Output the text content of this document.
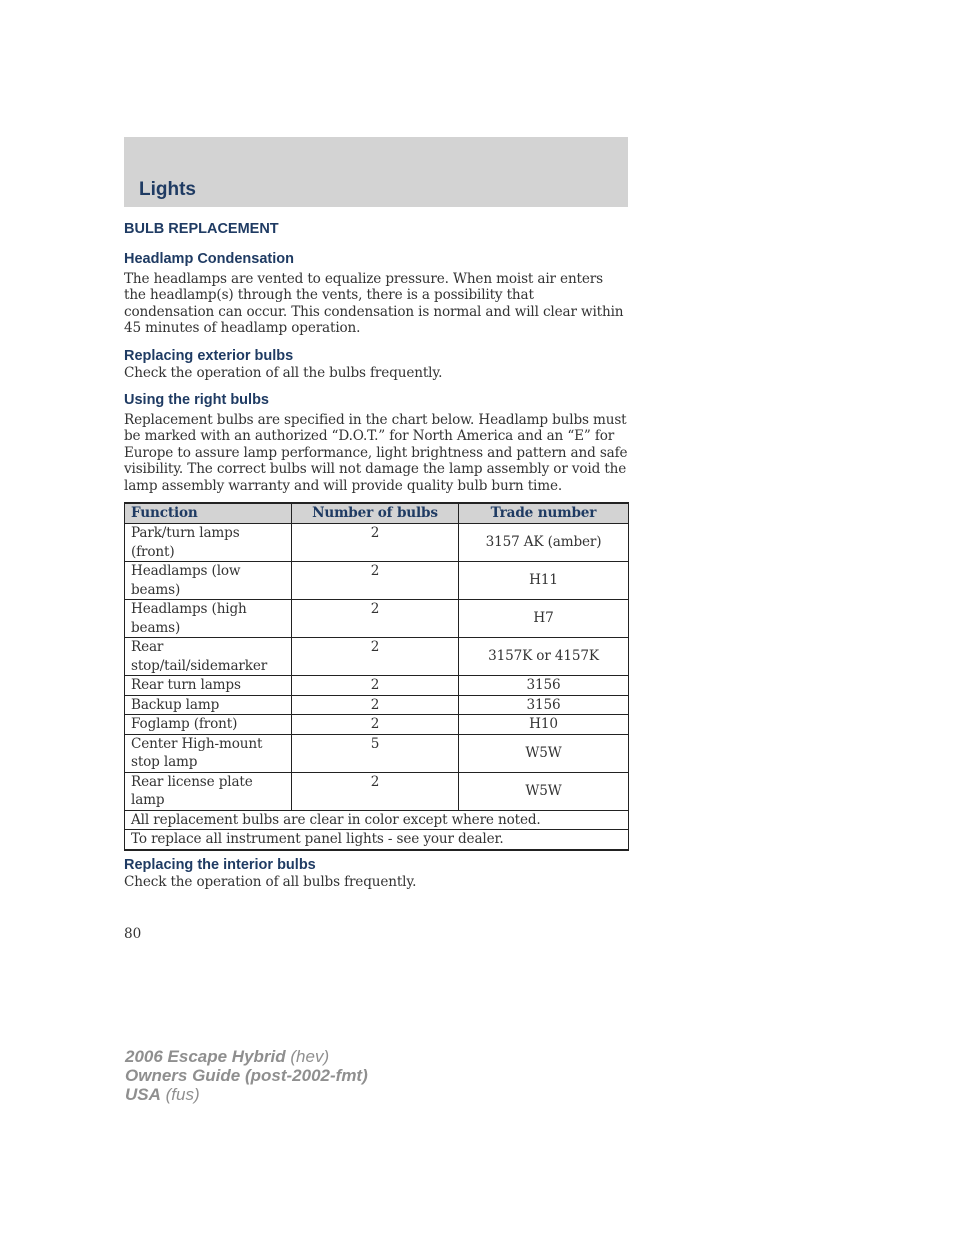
Lights
BULB REPLACEMENT
Headlamp Condensation

The headlamps are vented to equalize pressure. When moist air enters the headlamp(s) through the vents, there is a possibility that condensation can occur. This condensation is normal and will clear within 45 minutes of headlamp operation.

Replacing exterior bulbs

Check the operation of all the bulbs frequently.

Using the right bulbs

Replacement bulbs are specified in the chart below. Headlamp bulbs must be marked with an authorized “D.O.T.” for North America and an “E” for Europe to assure lamp performance, light brightness and pattern and safe visibility. The correct bulbs will not damage the lamp assembly or void the lamp assembly warranty and will provide quality bulb burn time.

Function	Number of bulbs	Trade number
Park/turn lamps (front)	2	3157 AK (amber)
Headlamps (low beams)	2	H11
Headlamps (high beams)	2	H7
Rear stop/tail/sidemarker	2	3157K or 4157K
Rear turn lamps	2	3156
Backup lamp	2	3156
Foglamp (front)	2	H10
Center High-mount stop lamp	5	W5W
Rear license plate lamp	2	W5W
All replacement bulbs are clear in color except where noted.		
To replace all instrument panel lights - see your dealer.		
Replacing the interior bulbs

Check the operation of all bulbs frequently.

80

2006 Escape Hybrid (hev)
Owners Guide (post-2002-fmt)
USA (fus)
